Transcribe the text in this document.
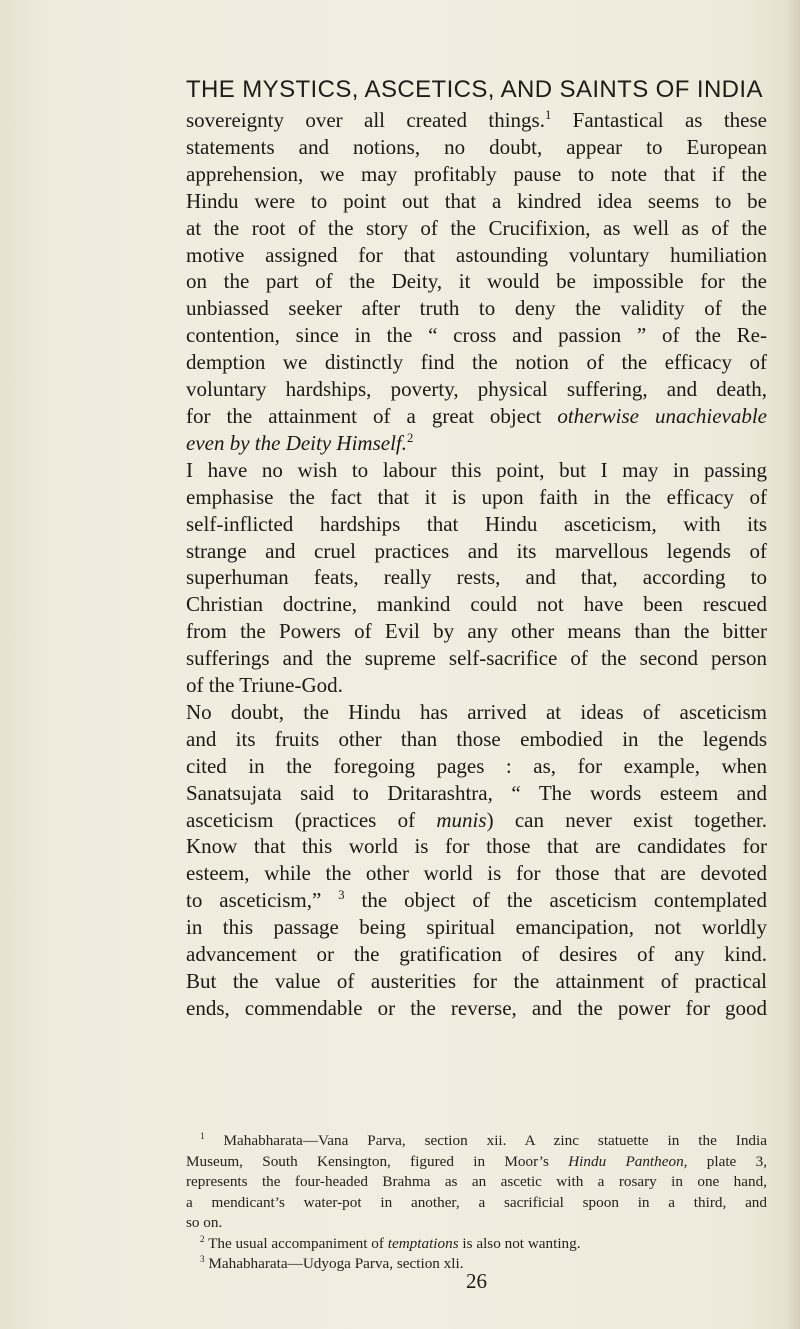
THE MYSTICS, ASCETICS, AND SAINTS OF INDIA
sovereignty over all created things.$^1$ Fantastical as these
statements and notions, no doubt, appear to European
apprehension, we may profitably pause to note that if the
Hindu were to point out that a kindred idea seems to be
at the root of the story of the Crucifixion, as well as of the
motive assigned for that astounding voluntary humiliation
on the part of the Deity, it would be impossible for the
unbiassed seeker after truth to deny the validity of the
contention, since in the “ cross and passion ” of the Re-
demption we distinctly find the notion of the efficacy of
voluntary hardships, poverty, physical suffering, and death,
for the attainment of a great object otherwise unachievable
even by the Deity Himself.$^2$
I have no wish to labour this point, but I may in passing
emphasise the fact that it is upon faith in the efficacy of
self-inflicted hardships that Hindu asceticism, with its
strange and cruel practices and its marvellous legends of
superhuman feats, really rests, and that, according to
Christian doctrine, mankind could not have been rescued
from the Powers of Evil by any other means than the bitter
sufferings and the supreme self-sacrifice of the second person
of the Triune-God.
No doubt, the Hindu has arrived at ideas of asceticism
and its fruits other than those embodied in the legends
cited in the foregoing pages : as, for example, when
Sanatsujata said to Dritarashtra, “ The words esteem and
asceticism (practices of munis) can never exist together.
Know that this world is for those that are candidates for
esteem, while the other world is for those that are devoted
to asceticism,” $^3$ the object of the asceticism contemplated
in this passage being spiritual emancipation, not worldly
advancement or the gratification of desires of any kind.
But the value of austerities for the attainment of practical
ends, commendable or the reverse, and the power for good
$^1$ Mahabharata—Vana Parva, section xii. A zinc statuette in the India
Museum, South Kensington, figured in Moor’s Hindu Pantheon, plate 3,
represents the four-headed Brahma as an ascetic with a rosary in one hand,
a mendicant’s water-pot in another, a sacrificial spoon in a third, and
so on.
$^2$ The usual accompaniment of temptations is also not wanting.
$^3$ Mahabharata—Udyoga Parva, section xli.
26
